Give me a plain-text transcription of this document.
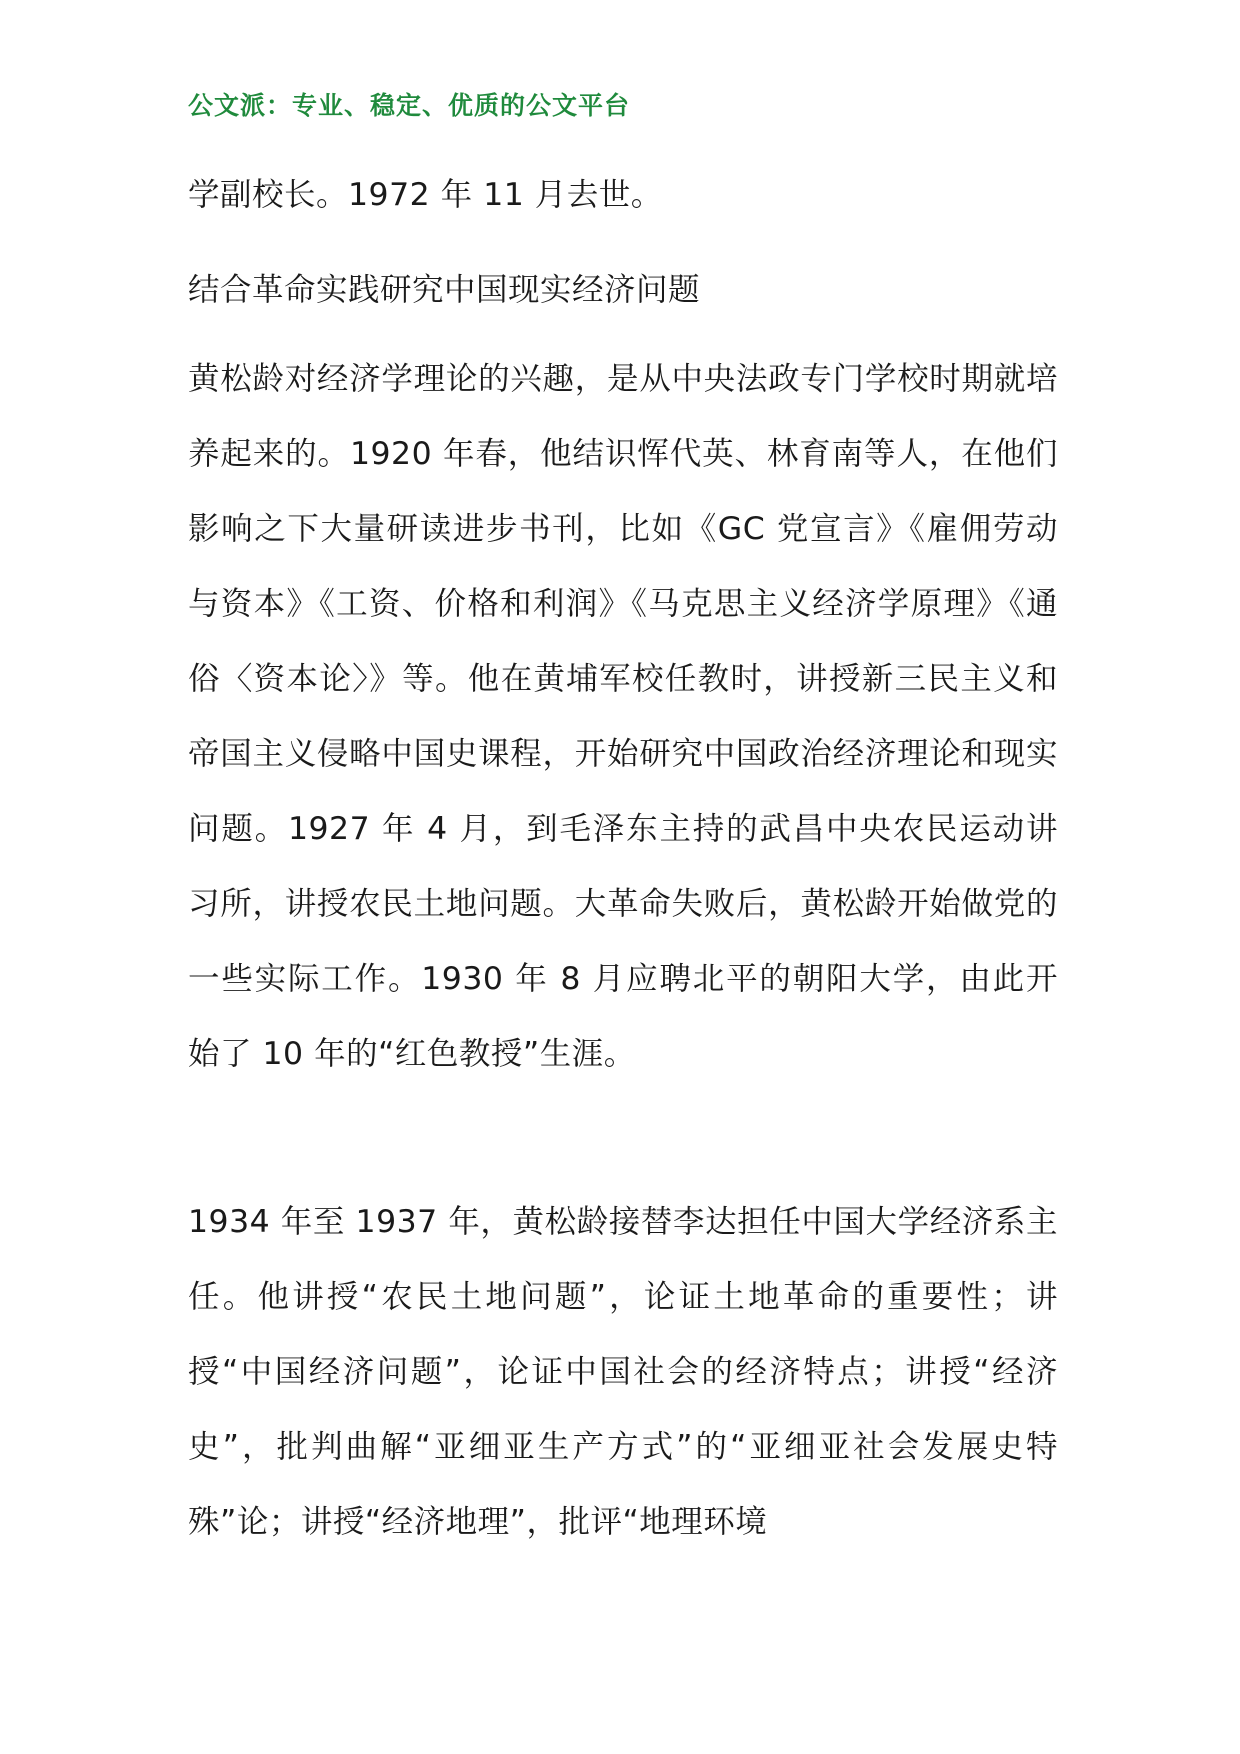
公文派：专业、稳定、优质的公文平台

学副校长。1972 年 11 月去世。

结合革命实践研究中国现实经济问题

黄松龄对经济学理论的兴趣，是从中央法政专门学校时期就培养起来的。1920 年春，他结识恽代英、林育南等人，在他们影响之下大量研读进步书刊，比如《GC 党宣言》《雇佣劳动与资本》《工资、价格和利润》《马克思主义经济学原理》《通俗〈资本论〉》等。他在黄埔军校任教时，讲授新三民主义和帝国主义侵略中国史课程，开始研究中国政治经济理论和现实问题。1927 年 4 月，到毛泽东主持的武昌中央农民运动讲习所，讲授农民土地问题。大革命失败后，黄松龄开始做党的一些实际工作。1930 年 8 月应聘北平的朝阳大学，由此开始了 10 年的“红色教授”生涯。

1934 年至 1937 年，黄松龄接替李达担任中国大学经济系主任。他讲授“农民土地问题”，论证土地革命的重要性；讲授“中国经济问题”，论证中国社会的经济特点；讲授“经济史”，批判曲解“亚细亚生产方式”的“亚细亚社会发展史特殊”论；讲授“经济地理”，批评“地理环境
